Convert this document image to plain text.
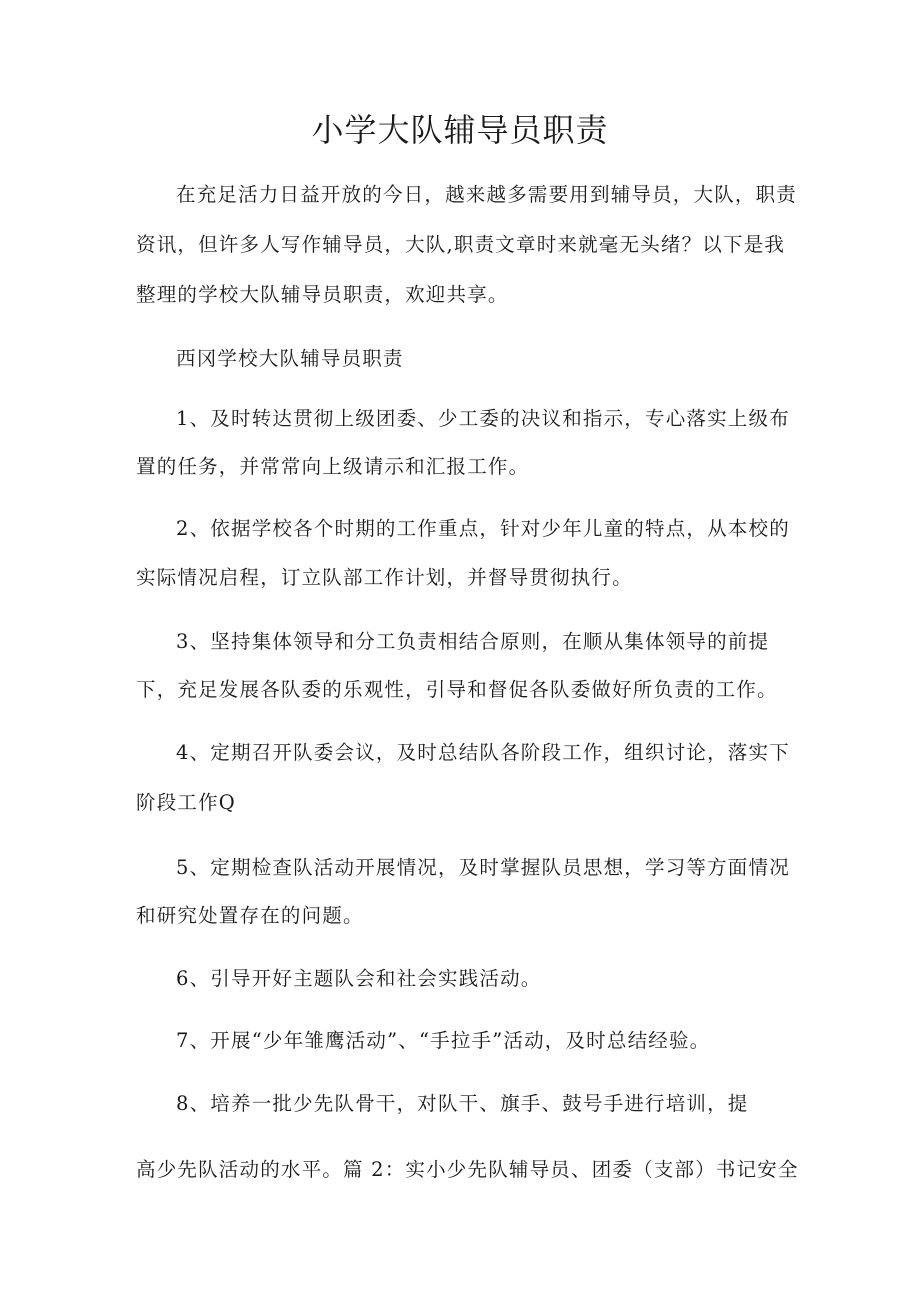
小学大队辅导员职责
在充足活力日益开放的今日，越来越多需要用到辅导员，大队，职责
资讯，但许多人写作辅导员，大队,职责文章时来就毫无头绪？以下是我
整理的学校大队辅导员职责，欢迎共享。
西冈学校大队辅导员职责
1、及时转达贯彻上级团委、少工委的决议和指示，专心落实上级布
置的任务，并常常向上级请示和汇报工作。
2、依据学校各个时期的工作重点，针对少年儿童的特点，从本校的
实际情况启程，订立队部工作计划，并督导贯彻执行。
3、坚持集体领导和分工负责相结合原则，在顺从集体领导的前提
下，充足发展各队委的乐观性，引导和督促各队委做好所负责的工作。
4、定期召开队委会议，及时总结队各阶段工作，组织讨论，落实下
阶段工作Q
5、定期检查队活动开展情况，及时掌握队员思想，学习等方面情况
和研究处置存在的问题。
6、引导开好主题队会和社会实践活动。
7、开展“少年雏鹰活动”、“手拉手”活动，及时总结经验。
8、培养一批少先队骨干，对队干、旗手、鼓号手进行培训，提
高少先队活动的水平。篇 2：实小少先队辅导员、团委（支部）书记安全
